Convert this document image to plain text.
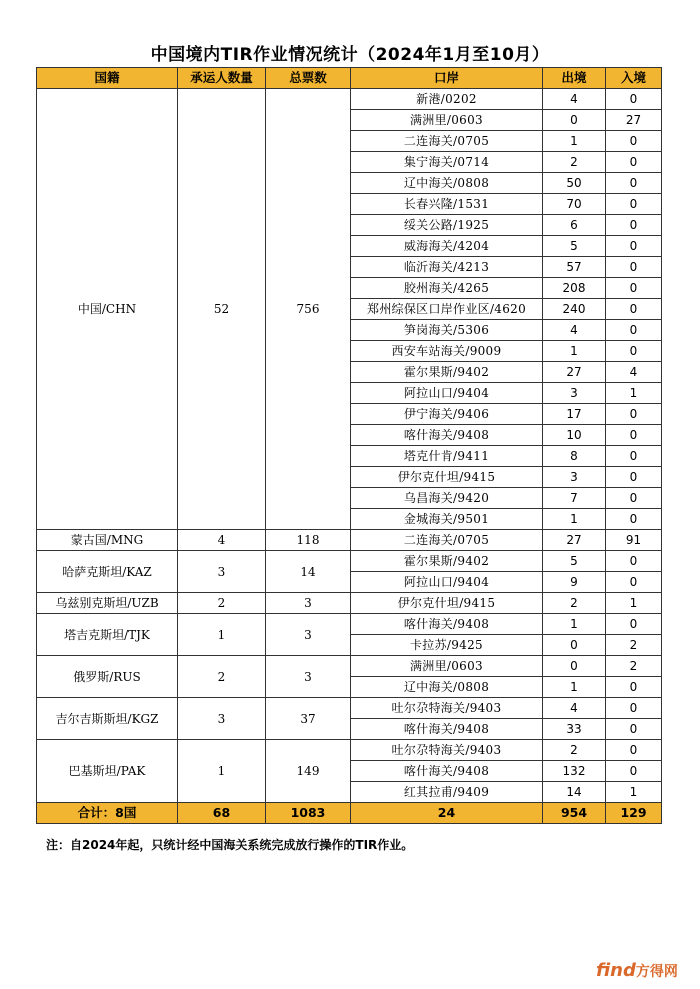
中国境内TIR作业情况统计（2024年1月至10月）
国籍	承运人数量	总票数	口岸	出境	入境
中国/CHN	52	756	新港/0202	4	0
			满洲里/0603	0	27
			二连海关/0705	1	0
			集宁海关/0714	2	0
			辽中海关/0808	50	0
			长春兴隆/1531	70	0
			绥关公路/1925	6	0
			威海海关/4204	5	0
			临沂海关/4213	57	0
			胶州海关/4265	208	0
			郑州综保区口岸作业区/4620	240	0
			笋岗海关/5306	4	0
			西安车站海关/9009	1	0
			霍尔果斯/9402	27	4
			阿拉山口/9404	3	1
			伊宁海关/9406	17	0
			喀什海关/9408	10	0
			塔克什肯/9411	8	0
			伊尔克什坦/9415	3	0
			乌昌海关/9420	7	0
			金城海关/9501	1	0
蒙古国/MNG	4	118	二连海关/0705	27	91
哈萨克斯坦/KAZ	3	14	霍尔果斯/9402	5	0
			阿拉山口/9404	9	0
乌兹别克斯坦/UZB	2	3	伊尔克什坦/9415	2	1
塔吉克斯坦/TJK	1	3	喀什海关/9408	1	0
			卡拉苏/9425	0	2
俄罗斯/RUS	2	3	满洲里/0603	0	2
			辽中海关/0808	1	0
吉尔吉斯斯坦/KGZ	3	37	吐尔尕特海关/9403	4	0
			喀什海关/9408	33	0
巴基斯坦/PAK	1	149	吐尔尕特海关/9403	2	0
			喀什海关/9408	132	0
			红其拉甫/9409	14	1
合计：8国	68	1083	24	954	129
注：自2024年起，只统计经中国海关系统完成放行操作的TIR作业。
find方得网
